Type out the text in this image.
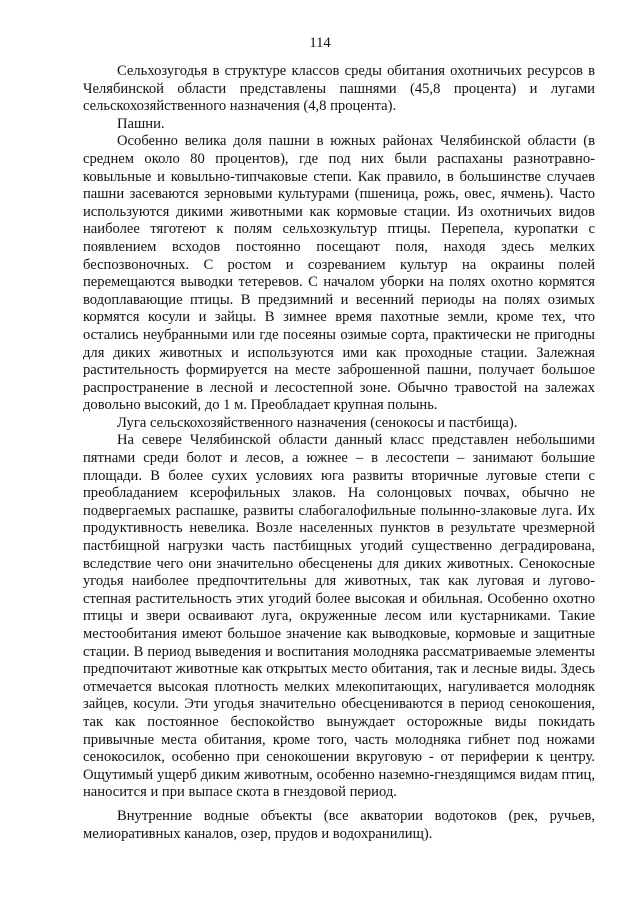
114

Сельхозугодья в структуре классов среды обитания охотничьих ресурсов в Челябинской области представлены пашнями (45,8 процента) и лугами сельскохозяйственного назначения (4,8 процента).

Пашни.

Особенно велика доля пашни в южных районах Челябинской области (в среднем около 80 процентов), где под них были распаханы разнотравно-ковыльные и ковыльно-типчаковые степи. Как правило, в большинстве случаев пашни засеваются зерновыми культурами (пшеница, рожь, овес, ячмень). Часто используются дикими животными как кормовые стации. Из охотничьих видов наиболее тяготеют к полям сельхозкультур птицы. Перепела, куропатки с появлением всходов постоянно посещают поля, находя здесь мелких беспозвоночных. С ростом и созреванием культур на окраины полей перемещаются выводки тетеревов. С началом уборки на полях охотно кормятся водоплавающие птицы. В предзимний и весенний периоды на полях озимых кормятся косули и зайцы. В зимнее время пахотные земли, кроме тех, что остались неубранными или где посеяны озимые сорта, практически не пригодны для диких животных и используются ими как проходные стации. Залежная растительность формируется на месте заброшенной пашни, получает большое распространение в лесной и лесостепной зоне. Обычно травостой на залежах довольно высокий, до 1 м. Преобладает крупная полынь.

Луга сельскохозяйственного назначения (сенокосы и пастбища).

На севере Челябинской области данный класс представлен небольшими пятнами среди болот и лесов, а южнее – в лесостепи – занимают большие площади. В более сухих условиях юга развиты вторичные луговые степи с преобладанием ксерофильных злаков. На солонцовых почвах, обычно не подвергаемых распашке, развиты слабогалофильные полынно-злаковые луга. Их продуктивность невелика. Возле населенных пунктов в результате чрезмерной пастбищной нагрузки часть пастбищных угодий существенно деградирована, вследствие чего они значительно обесценены для диких животных. Сенокосные угодья наиболее предпочтительны для животных, так как луговая и лугово-степная растительность этих угодий более высокая и обильная. Особенно охотно птицы и звери осваивают луга, окруженные лесом или кустарниками. Такие местообитания имеют большое значение как выводковые, кормовые и защитные стации. В период выведения и воспитания молодняка рассматриваемые элементы предпочитают животные как открытых место обитания, так и лесные виды. Здесь отмечается высокая плотность мелких млекопитающих, нагуливается молодняк зайцев, косули. Эти угодья значительно обесцениваются в период сенокошения, так как постоянное беспокойство вынуждает осторожные виды покидать привычные места обитания, кроме того, часть молодняка гибнет под ножами сенокосилок, особенно при сенокошении вкруговую - от периферии к центру. Ощутимый ущерб диким животным, особенно наземно-гнездящимся видам птиц, наносится и при выпасе скота в гнездовой период.

Внутренние водные объекты (все акватории водотоков (рек, ручьев, мелиоративных каналов, озер, прудов и водохранилищ).
